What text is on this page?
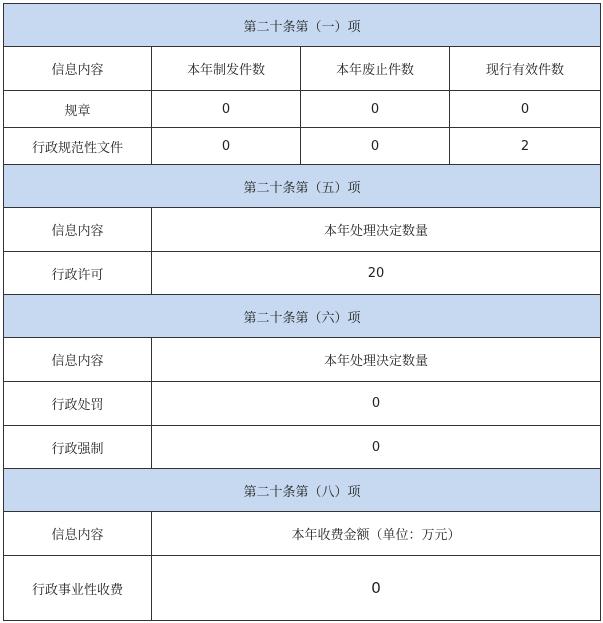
第二十条第（一）项			
信息内容	本年制发件数	本年废止件数	现行有效件数
规章	0	0	0
行政规范性文件	0	0	2
第二十条第（五）项			
信息内容	本年处理决定数量		
行政许可	20		
第二十条第（六）项			
信息内容	本年处理决定数量		
行政处罚	0		
行政强制	0		
第二十条第（八）项			
信息内容	本年收费金额（单位：万元）		
行政事业性收费	0		
